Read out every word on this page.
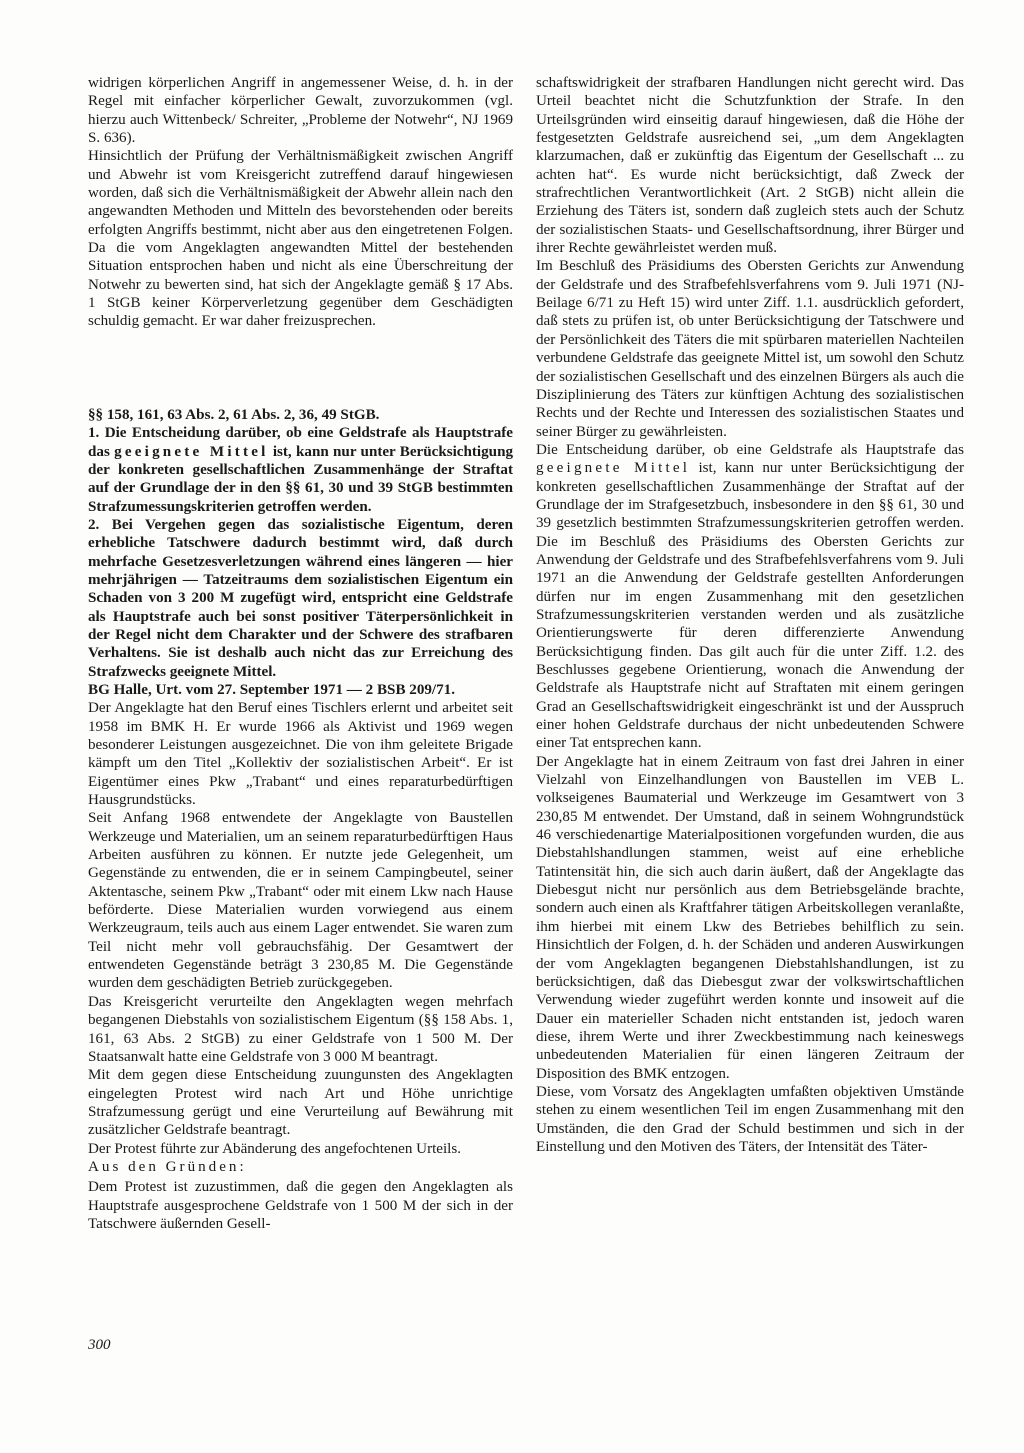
widrigen körperlichen Angriff in angemessener Weise, d. h. in der Regel mit einfacher körperlicher Gewalt, zuvorzukommen (vgl. hierzu auch Wittenbeck/ Schreiter, „Probleme der Notwehr“, NJ 1969 S. 636).

Hinsichtlich der Prüfung der Verhältnismäßigkeit zwischen Angriff und Abwehr ist vom Kreisgericht zutreffend darauf hingewiesen worden, daß sich die Verhältnismäßigkeit der Abwehr allein nach den angewandten Methoden und Mitteln des bevorstehenden oder bereits erfolgten Angriffs bestimmt, nicht aber aus den eingetretenen Folgen. Da die vom Angeklagten angewandten Mittel der bestehenden Situation entsprochen haben und nicht als eine Überschreitung der Notwehr zu bewerten sind, hat sich der Angeklagte gemäß § 17 Abs. 1 StGB keiner Körperverletzung gegenüber dem Geschädigten schuldig gemacht. Er war daher freizusprechen.

§§ 158, 161, 63 Abs. 2, 61 Abs. 2, 36, 49 StGB.

1. Die Entscheidung darüber, ob eine Geldstrafe als Hauptstrafe das geeignete Mittel ist, kann nur unter Berücksichtigung der konkreten gesellschaftlichen Zusammenhänge der Straftat auf der Grundlage der in den §§ 61, 30 und 39 StGB bestimmten Strafzumessungskriterien getroffen werden.

2. Bei Vergehen gegen das sozialistische Eigentum, deren erhebliche Tatschwere dadurch bestimmt wird, daß durch mehrfache Gesetzesverletzungen während eines längeren — hier mehrjährigen — Tatzeitraums dem sozialistischen Eigentum ein Schaden von 3 200 M zugefügt wird, entspricht eine Geldstrafe als Hauptstrafe auch bei sonst positiver Täterpersönlichkeit in der Regel nicht dem Charakter und der Schwere des strafbaren Verhaltens. Sie ist deshalb auch nicht das zur Erreichung des Strafzwecks geeignete Mittel.

BG Halle, Urt. vom 27. September 1971 — 2 BSB 209/71.

Der Angeklagte hat den Beruf eines Tischlers erlernt und arbeitet seit 1958 im BMK H. Er wurde 1966 als Aktivist und 1969 wegen besonderer Leistungen ausgezeichnet. Die von ihm geleitete Brigade kämpft um den Titel „Kollektiv der sozialistischen Arbeit“. Er ist Eigentümer eines Pkw „Trabant“ und eines reparaturbedürftigen Hausgrundstücks.

Seit Anfang 1968 entwendete der Angeklagte von Baustellen Werkzeuge und Materialien, um an seinem reparaturbedürftigen Haus Arbeiten ausführen zu können. Er nutzte jede Gelegenheit, um Gegenstände zu entwenden, die er in seinem Campingbeutel, seiner Aktentasche, seinem Pkw „Trabant“ oder mit einem Lkw nach Hause beförderte. Diese Materialien wurden vorwiegend aus einem Werkzeugraum, teils auch aus einem Lager entwendet. Sie waren zum Teil nicht mehr voll gebrauchsfähig. Der Gesamtwert der entwendeten Gegenstände beträgt 3 230,85 M. Die Gegenstände wurden dem geschädigten Betrieb zurückgegeben.

Das Kreisgericht verurteilte den Angeklagten wegen mehrfach begangenen Diebstahls von sozialistischem Eigentum (§§ 158 Abs. 1, 161, 63 Abs. 2 StGB) zu einer Geldstrafe von 1 500 M. Der Staatsanwalt hatte eine Geldstrafe von 3 000 M beantragt.

Mit dem gegen diese Entscheidung zuungunsten des Angeklagten eingelegten Protest wird nach Art und Höhe unrichtige Strafzumessung gerügt und eine Verurteilung auf Bewährung mit zusätzlicher Geldstrafe beantragt.

Der Protest führte zur Abänderung des angefochtenen Urteils.

Aus den Gründen:

Dem Protest ist zuzustimmen, daß die gegen den Angeklagten als Hauptstrafe ausgesprochene Geldstrafe von 1 500 M der sich in der Tatschwere äußernden Gesell-

schaftswidrigkeit der strafbaren Handlungen nicht gerecht wird. Das Urteil beachtet nicht die Schutzfunktion der Strafe. In den Urteilsgründen wird einseitig darauf hingewiesen, daß die Höhe der festgesetzten Geldstrafe ausreichend sei, „um dem Angeklagten klarzumachen, daß er zukünftig das Eigentum der Gesellschaft ... zu achten hat“. Es wurde nicht berücksichtigt, daß Zweck der strafrechtlichen Verantwortlichkeit (Art. 2 StGB) nicht allein die Erziehung des Täters ist, sondern daß zugleich stets auch der Schutz der sozialistischen Staats- und Gesellschaftsordnung, ihrer Bürger und ihrer Rechte gewährleistet werden muß.

Im Beschluß des Präsidiums des Obersten Gerichts zur Anwendung der Geldstrafe und des Strafbefehlsverfahrens vom 9. Juli 1971 (NJ-Beilage 6/71 zu Heft 15) wird unter Ziff. 1.1. ausdrücklich gefordert, daß stets zu prüfen ist, ob unter Berücksichtigung der Tatschwere und der Persönlichkeit des Täters die mit spürbaren materiellen Nachteilen verbundene Geldstrafe das geeignete Mittel ist, um sowohl den Schutz der sozialistischen Gesellschaft und des einzelnen Bürgers als auch die Disziplinierung des Täters zur künftigen Achtung des sozialistischen Rechts und der Rechte und Interessen des sozialistischen Staates und seiner Bürger zu gewährleisten.

Die Entscheidung darüber, ob eine Geldstrafe als Hauptstrafe das geeignete Mittel ist, kann nur unter Berücksichtigung der konkreten gesellschaftlichen Zusammenhänge der Straftat auf der Grundlage der im Strafgesetzbuch, insbesondere in den §§ 61, 30 und 39 gesetzlich bestimmten Strafzumessungskriterien getroffen werden. Die im Beschluß des Präsidiums des Obersten Gerichts zur Anwendung der Geldstrafe und des Strafbefehlsverfahrens vom 9. Juli 1971 an die Anwendung der Geldstrafe gestellten Anforderungen dürfen nur im engen Zusammenhang mit den gesetzlichen Strafzumessungskriterien verstanden werden und als zusätzliche Orientierungswerte für deren differenzierte Anwendung Berücksichtigung finden. Das gilt auch für die unter Ziff. 1.2. des Beschlusses gegebene Orientierung, wonach die Anwendung der Geldstrafe als Hauptstrafe nicht auf Straftaten mit einem geringen Grad an Gesellschaftswidrigkeit eingeschränkt ist und der Ausspruch einer hohen Geldstrafe durchaus der nicht unbedeutenden Schwere einer Tat entsprechen kann.

Der Angeklagte hat in einem Zeitraum von fast drei Jahren in einer Vielzahl von Einzelhandlungen von Baustellen im VEB L. volkseigenes Baumaterial und Werkzeuge im Gesamtwert von 3 230,85 M entwendet. Der Umstand, daß in seinem Wohngrundstück 46 verschiedenartige Materialpositionen vorgefunden wurden, die aus Diebstahlshandlungen stammen, weist auf eine erhebliche Tatintensität hin, die sich auch darin äußert, daß der Angeklagte das Diebesgut nicht nur persönlich aus dem Betriebsgelände brachte, sondern auch einen als Kraftfahrer tätigen Arbeitskollegen veranlaßte, ihm hierbei mit einem Lkw des Betriebes behilflich zu sein. Hinsichtlich der Folgen, d. h. der Schäden und anderen Auswirkungen der vom Angeklagten begangenen Diebstahlshandlungen, ist zu berücksichtigen, daß das Diebesgut zwar der volkswirtschaftlichen Verwendung wieder zugeführt werden konnte und insoweit auf die Dauer ein materieller Schaden nicht entstanden ist, jedoch waren diese, ihrem Werte und ihrer Zweckbestimmung nach keineswegs unbedeutenden Materialien für einen längeren Zeitraum der Disposition des BMK entzogen.

Diese, vom Vorsatz des Angeklagten umfaßten objektiven Umstände stehen zu einem wesentlichen Teil im engen Zusammenhang mit den Umständen, die den Grad der Schuld bestimmen und sich in der Einstellung und den Motiven des Täters, der Intensität des Täter-

300
